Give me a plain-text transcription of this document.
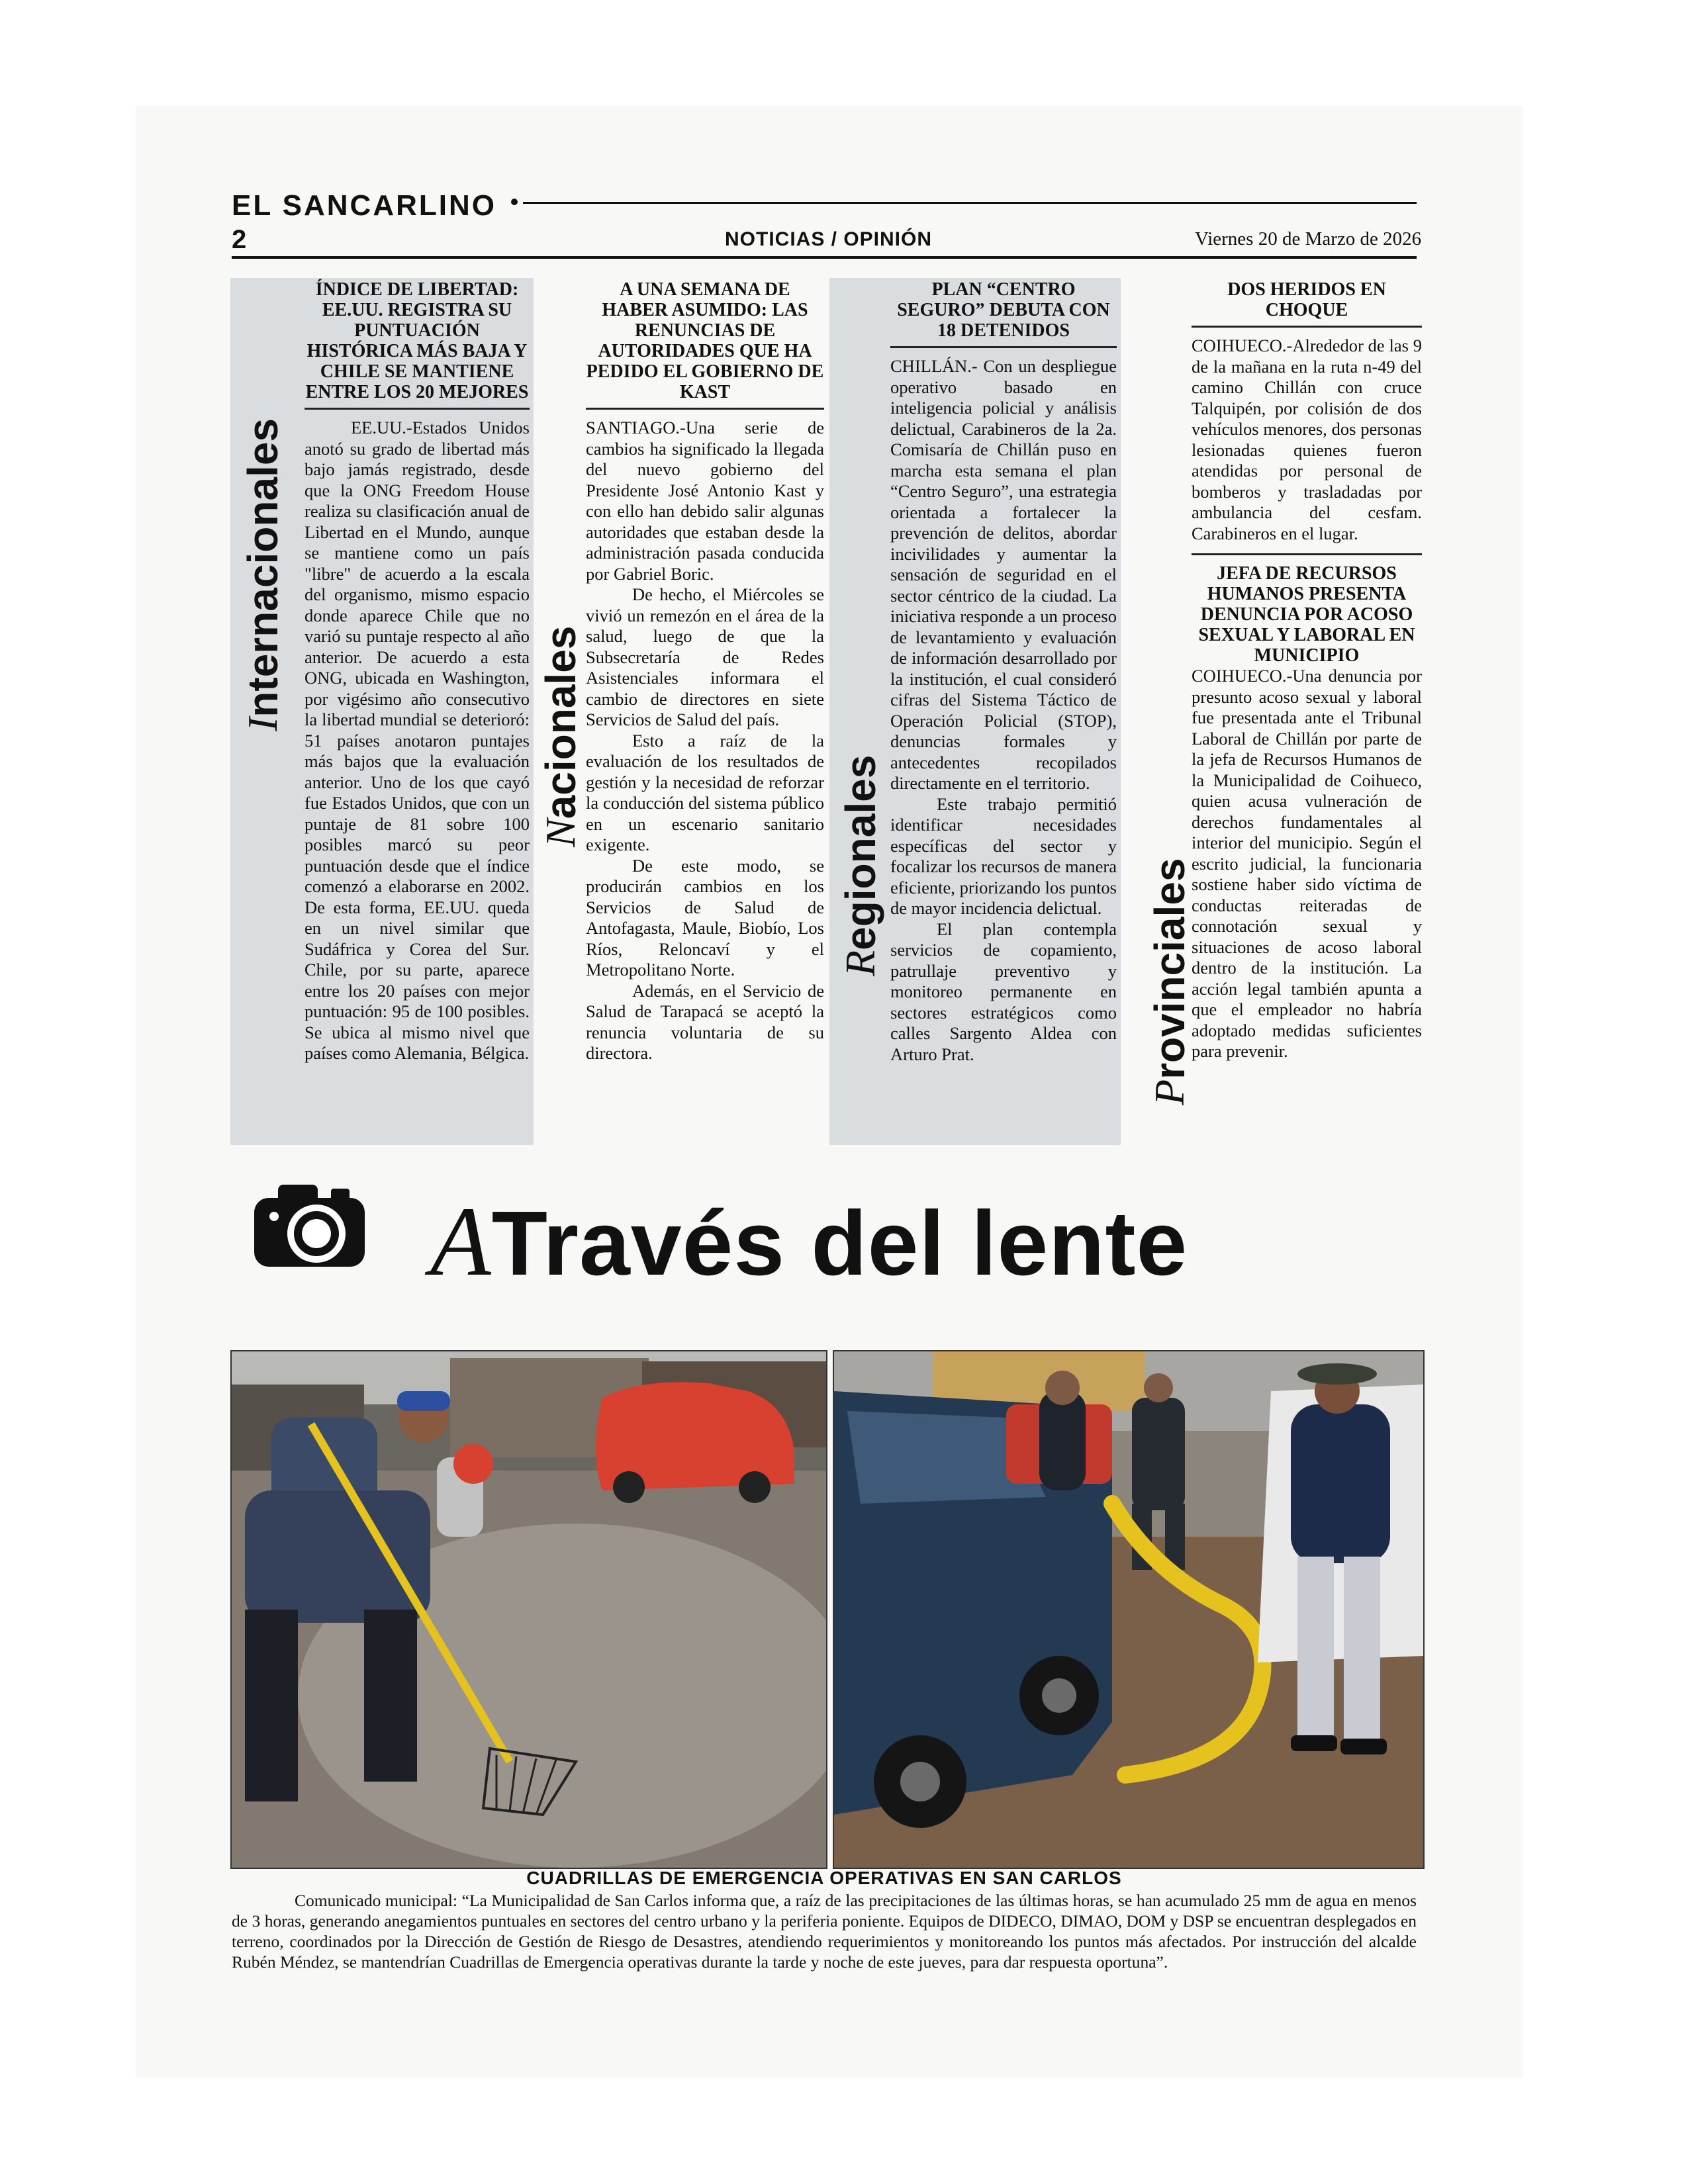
EL SANCARLINO
2	NOTICIAS / OPINIÓN	Viernes 20 de Marzo de 2026
Internacionales
ÍNDICE DE LIBERTAD: EE.UU. REGISTRA SU PUNTUACIÓN HISTÓRICA MÁS BAJA Y CHILE SE MANTIENE ENTRE LOS 20 MEJORES

EE.UU.-Estados Unidos anotó su grado de libertad más bajo jamás registrado, desde que la ONG Freedom House realiza su clasificación anual de Libertad en el Mundo, aunque se mantiene como un país "libre" de acuerdo a la escala del organismo, mismo espacio donde aparece Chile que no varió su puntaje respecto al año anterior. De acuerdo a esta ONG, ubicada en Washington, por vigésimo año consecutivo la libertad mundial se deterioró: 51 países anotaron puntajes más bajos que la evaluación anterior. Uno de los que cayó fue Estados Unidos, que con un puntaje de 81 sobre 100 posibles marcó su peor puntuación desde que el índice comenzó a elaborarse en 2002. De esta forma, EE.UU. queda en un nivel similar que Sudáfrica y Corea del Sur. Chile, por su parte, aparece entre los 20 países con mejor puntuación: 95 de 100 posibles. Se ubica al mismo nivel que países como Alemania, Bélgica.

Nacionales
A UNA SEMANA DE HABER ASUMIDO: LAS RENUNCIAS DE AUTORIDADES QUE HA PEDIDO EL GOBIERNO DE KAST

SANTIAGO.-Una serie de cambios ha significado la llegada del nuevo gobierno del Presidente José Antonio Kast y con ello han debido salir algunas autoridades que estaban desde la administración pasada conducida por Gabriel Boric.

De hecho, el Miércoles se vivió un remezón en el área de la salud, luego de que la Subsecretaría de Redes Asistenciales informara el cambio de directores en siete Servicios de Salud del país.

Esto a raíz de la evaluación de los resultados de gestión y la necesidad de reforzar la conducción del sistema público en un escenario sanitario exigente.

De este modo, se producirán cambios en los Servicios de Salud de Antofagasta, Maule, Biobío, Los Ríos, Reloncaví y el Metropolitano Norte.

Además, en el Servicio de Salud de Tarapacá se aceptó la renuncia voluntaria de su directora.

Regionales
PLAN “CENTRO SEGURO” DEBUTA CON 18 DETENIDOS

CHILLÁN.- Con un despliegue operativo basado en inteligencia policial y análisis delictual, Carabineros de la 2a. Comisaría de Chillán puso en marcha esta semana el plan “Centro Seguro”, una estrategia orientada a fortalecer la prevención de delitos, abordar incivilidades y aumentar la sensación de seguridad en el sector céntrico de la ciudad. La iniciativa responde a un proceso de levantamiento y evaluación de información desarrollado por la institución, el cual consideró cifras del Sistema Táctico de Operación Policial (STOP), denuncias formales y antecedentes recopilados directamente en el territorio.

Este trabajo permitió identificar necesidades específicas del sector y focalizar los recursos de manera eficiente, priorizando los puntos de mayor incidencia delictual.

El plan contempla servicios de copamiento, patrullaje preventivo y monitoreo permanente en sectores estratégicos como calles Sargento Aldea con Arturo Prat.

Provinciales
DOS HERIDOS EN CHOQUE

COIHUECO.-Alrededor de las 9 de la mañana en la ruta n-49 del camino Chillán con cruce Talquipén, por colisión de dos vehículos menores, dos personas lesionadas quienes fueron atendidas por personal de bomberos y trasladadas por ambulancia del cesfam. Carabineros en el lugar.

JEFA DE RECURSOS HUMANOS PRESENTA DENUNCIA POR ACOSO SEXUAL Y LABORAL EN MUNICIPIO

COIHUECO.-Una denuncia por presunto acoso sexual y laboral fue presentada ante el Tribunal Laboral de Chillán por parte de la jefa de Recursos Humanos de la Municipalidad de Coihueco, quien acusa vulneración de derechos fundamentales al interior del municipio. Según el escrito judicial, la funcionaria sostiene haber sido víctima de conductas reiteradas de connotación sexual y situaciones de acoso laboral dentro de la institución. La acción legal también apunta a que el empleador no habría adoptado medidas suficientes para prevenir.

ATravés del lente
CUADRILLAS DE EMERGENCIA OPERATIVAS EN SAN CARLOS
Comunicado municipal: “La Municipalidad de San Carlos informa que, a raíz de las precipitaciones de las últimas horas, se han acumulado 25 mm de agua en menos de 3 horas, generando anegamientos puntuales en sectores del centro urbano y la periferia poniente. Equipos de DIDECO, DIMAO, DOM y DSP se encuentran desplegados en terreno, coordinados por la Dirección de Gestión de Riesgo de Desastres, atendiendo requerimientos y monitoreando los puntos más afectados. Por instrucción del alcalde Rubén Méndez, se mantendrían Cuadrillas de Emergencia operativas durante la tarde y noche de este jueves, para dar respuesta oportuna”.
